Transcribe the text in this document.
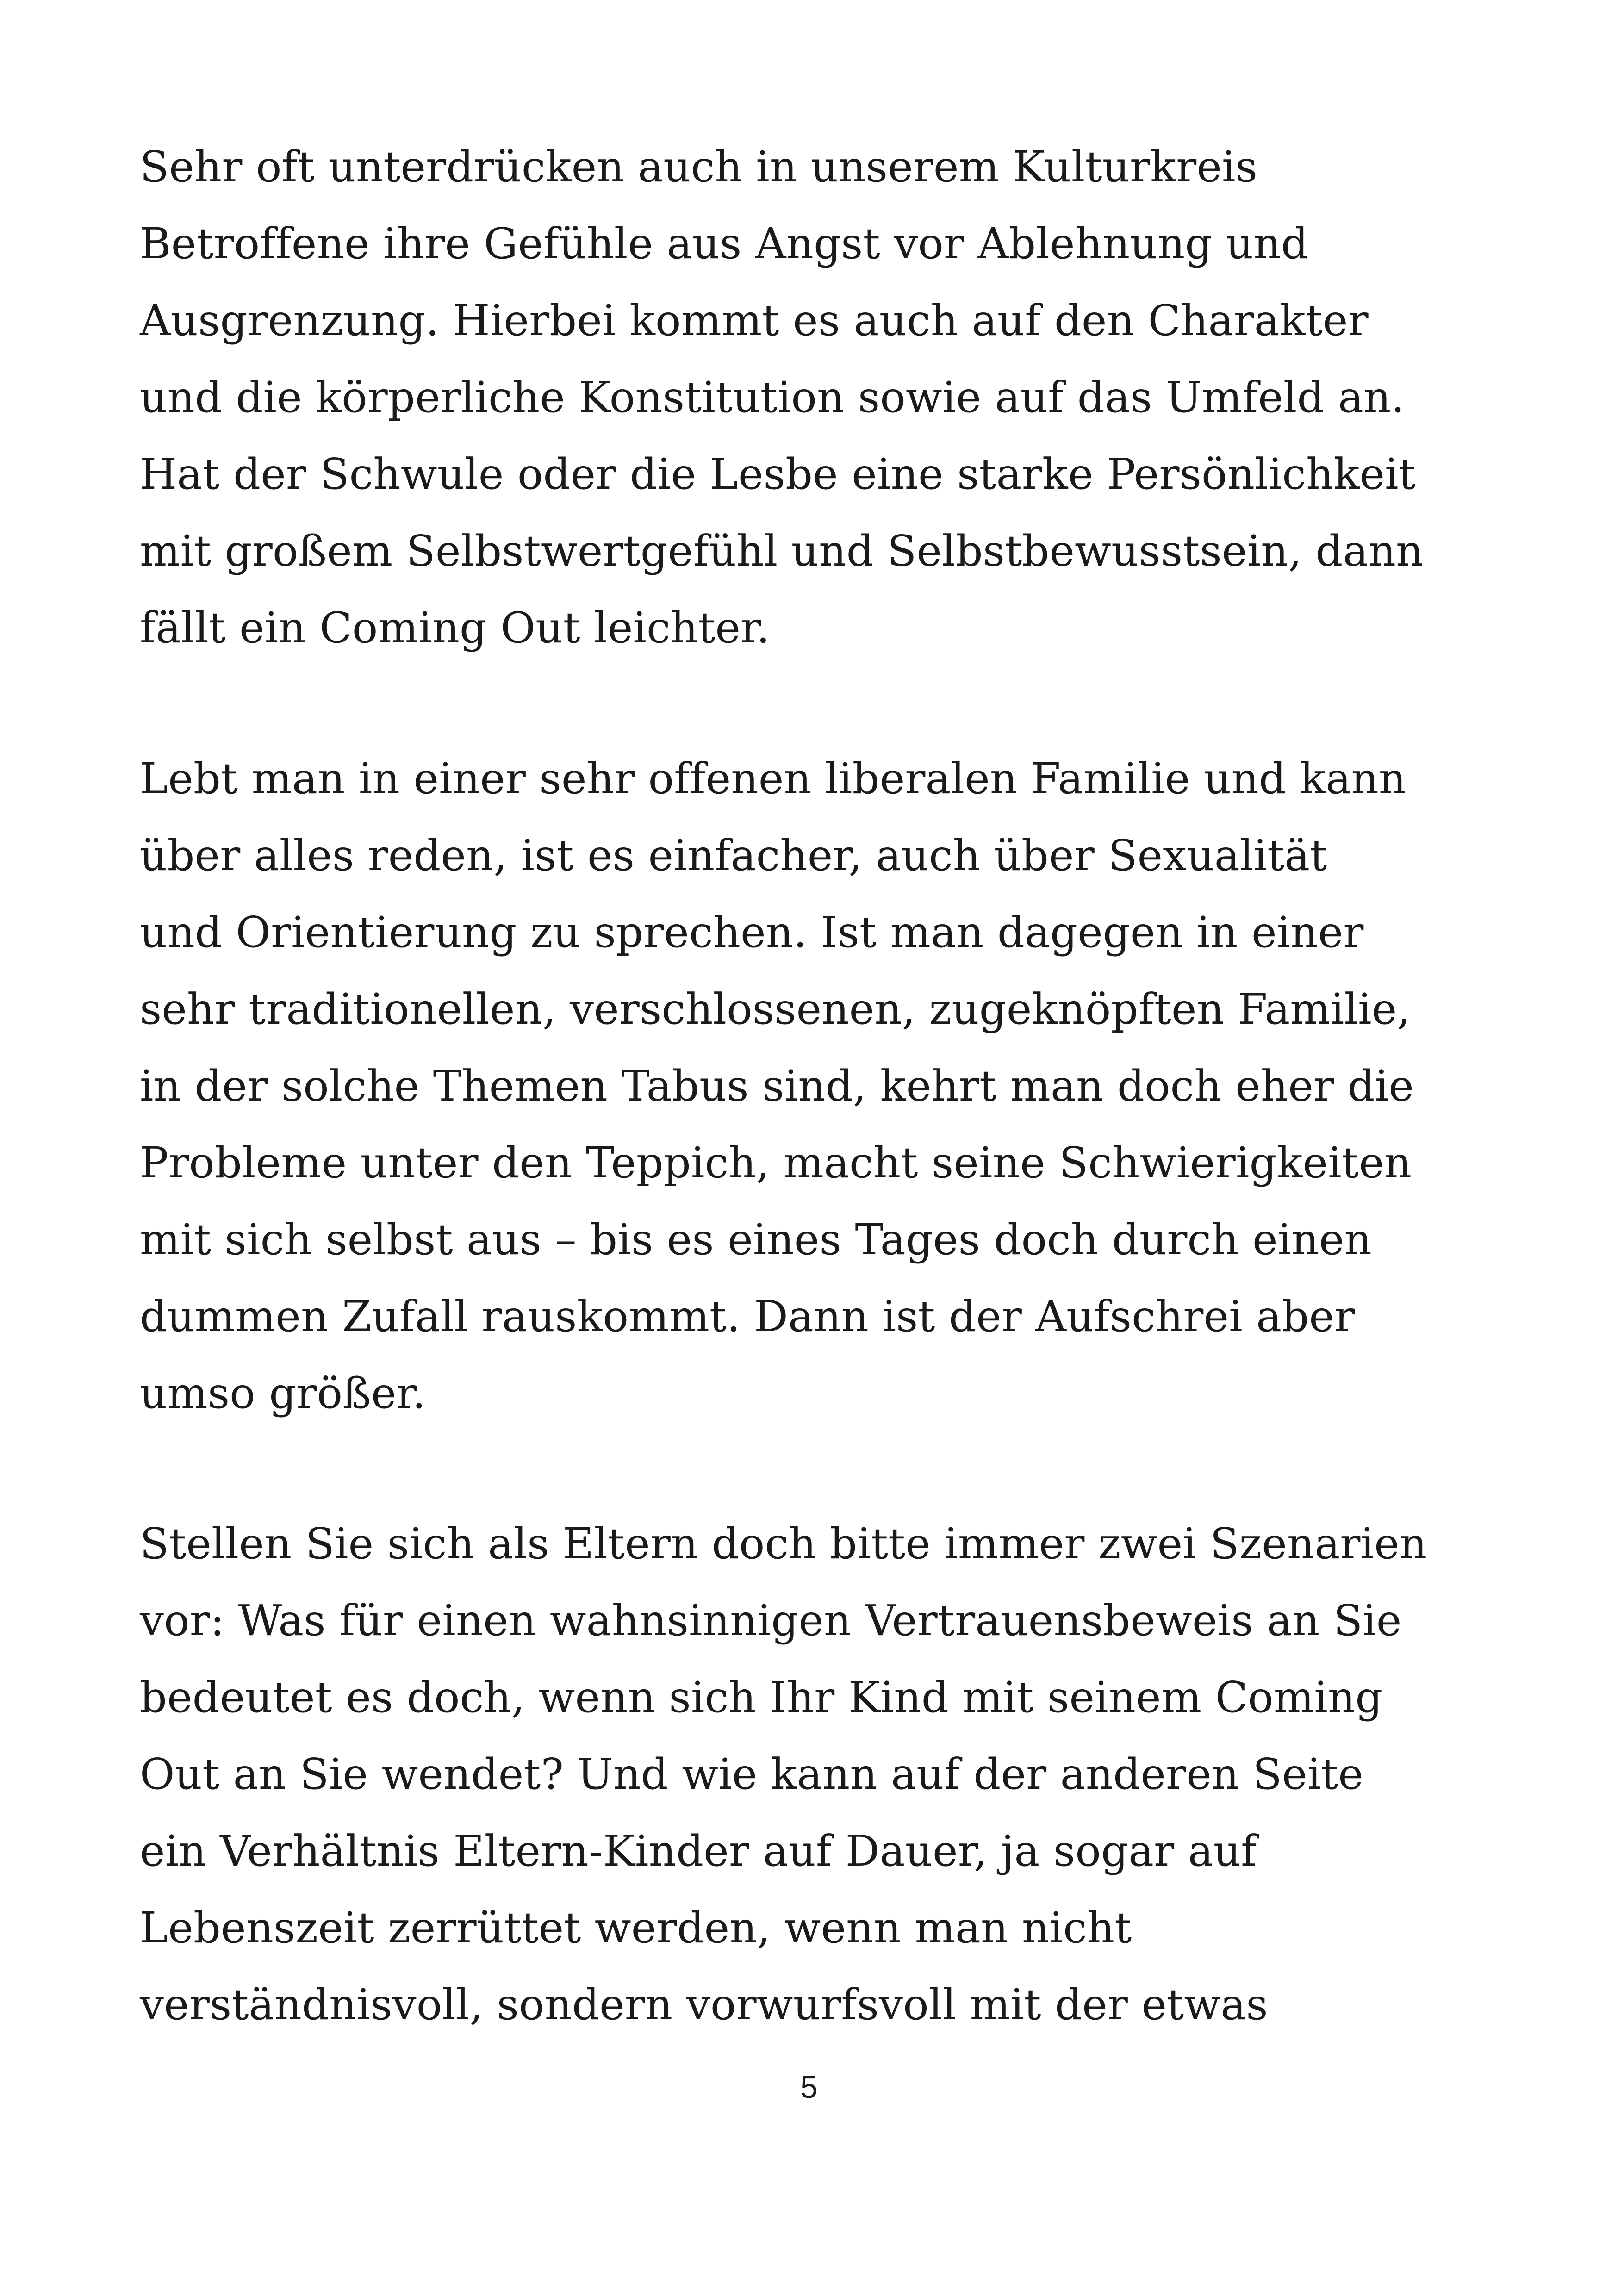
Sehr oft unterdrücken auch in unserem Kulturkreis
Betroffene ihre Gefühle aus Angst vor Ablehnung und
Ausgrenzung. Hierbei kommt es auch auf den Charakter
und die körperliche Konstitution sowie auf das Umfeld an.
Hat der Schwule oder die Lesbe eine starke Persönlichkeit
mit großem Selbstwertgefühl und Selbstbewusstsein, dann
fällt ein Coming Out leichter.
Lebt man in einer sehr offenen liberalen Familie und kann
über alles reden, ist es einfacher, auch über Sexualität
und Orientierung zu sprechen. Ist man dagegen in einer
sehr traditionellen, verschlossenen, zugeknöpften Familie,
in der solche Themen Tabus sind, kehrt man doch eher die
Probleme unter den Teppich, macht seine Schwierigkeiten
mit sich selbst aus – bis es eines Tages doch durch einen
dummen Zufall rauskommt. Dann ist der Aufschrei aber
umso größer.
Stellen Sie sich als Eltern doch bitte immer zwei Szenarien
vor: Was für einen wahnsinnigen Vertrauensbeweis an Sie
bedeutet es doch, wenn sich Ihr Kind mit seinem Coming
Out an Sie wendet? Und wie kann auf der anderen Seite
ein Verhältnis Eltern-Kinder auf Dauer, ja sogar auf
Lebenszeit zerrüttet werden, wenn man nicht
verständnisvoll, sondern vorwurfsvoll mit der etwas
5
